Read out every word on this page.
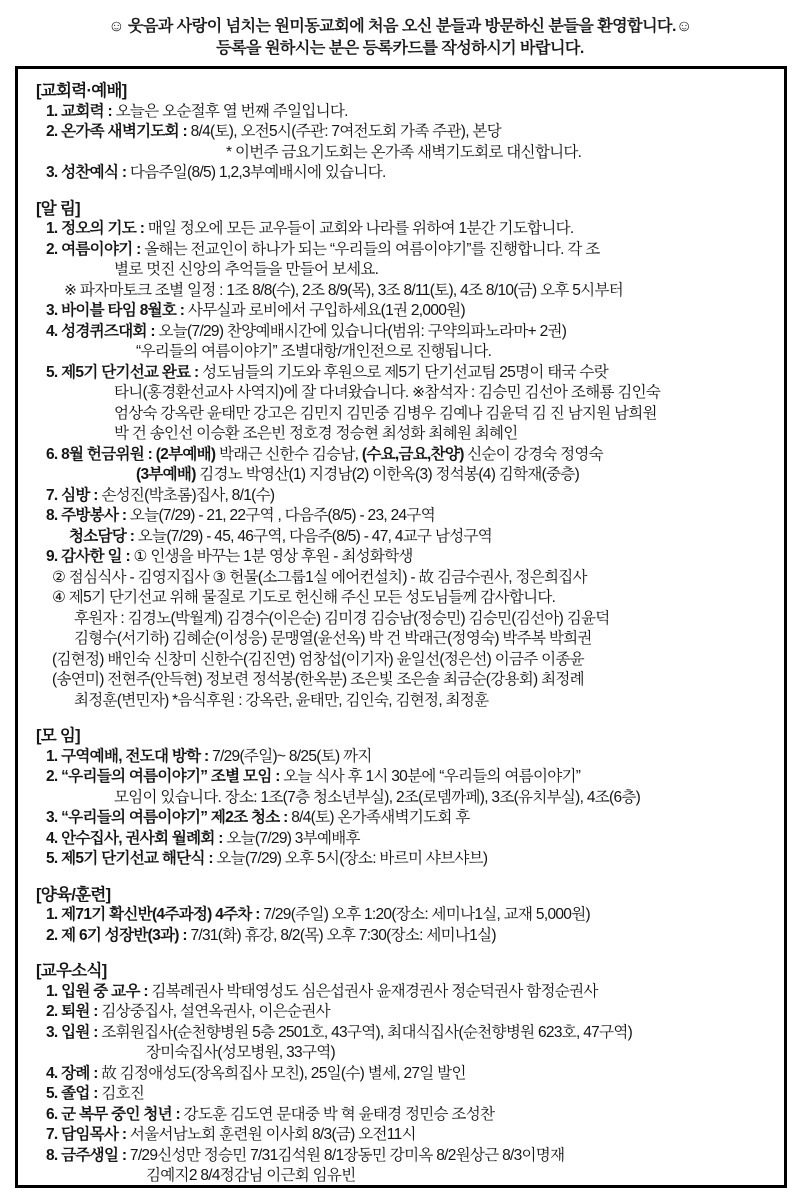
☺ 웃음과 사랑이 넘치는 원미동교회에 처음 오신 분들과 방문하신 분들을 환영합니다.☺
등록을 원하시는 분은 등록카드를 작성하시기 바랍니다.
[교회력·예배]
1. 교회력 : 오늘은 오순절후 열 번째 주일입니다.
2. 온가족 새벽기도회 : 8/4(토), 오전5시(주관: 7여전도회 가족 주관), 본당
* 이번주 금요기도회는 온가족 새벽기도회로 대신합니다.
3. 성찬예식 : 다음주일(8/5) 1,2,3부예배시에 있습니다.
[알 림]
1. 정오의 기도 : 매일 정오에 모든 교우들이 교회와 나라를 위하여 1분간 기도합니다.
2. 여름이야기 : 올해는 전교인이 하나가 되는 “우리들의 여름이야기”를 진행합니다. 각 조
별로 멋진 신앙의 추억들을 만들어 보세요.
※ 파자마토크 조별 일정 : 1조 8/8(수), 2조 8/9(목), 3조 8/11(토), 4조 8/10(금) 오후 5시부터
3. 바이블 타임 8월호 : 사무실과 로비에서 구입하세요(1권 2,000원)
4. 성경퀴즈대회 : 오늘(7/29) 찬양예배시간에 있습니다(범위: 구약의파노라마+ 2권)
“우리들의 여름이야기” 조별대항/개인전으로 진행됩니다.
5. 제5기 단기선교 완료 : 성도님들의 기도와 후원으로 제5기 단기선교팀 25명이 태국 수랏
타니(홍경환선교사 사역지)에 잘 다녀왔습니다. ※참석자 : 김승민 김선아 조해룡 김인숙
엄상숙 강옥란 윤태만 강고은 김민지 김민중 김병우 김예나 김윤덕 김 진 남지원 남희원
박 건 송인선 이승환 조은빈 정호경 정승현 최성화 최혜원 최혜인
6. 8월 헌금위원 : (2부예배) 박래근 신한수 김승남, (수요,금요,찬양) 신순이 강경숙 정영숙
(3부예배) 김경노 박영산(1) 지경남(2) 이한옥(3) 정석봉(4) 김학재(중층)
7. 심방 : 손성진(박초롬)집사, 8/1(수)
8. 주방봉사 : 오늘(7/29) - 21, 22구역 , 다음주(8/5) - 23, 24구역
청소담당 : 오늘(7/29) - 45, 46구역, 다음주(8/5) - 47, 4교구 남성구역
9. 감사한 일 : ① 인생을 바꾸는 1분 영상 후원 - 최성화학생
② 점심식사 - 김영지집사 ③ 헌물(소그룹1실 에어컨설치) - 故 김금수권사, 정은희집사
④ 제5기 단기선교 위해 물질로 기도로 헌신해 주신 모든 성도님들께 감사합니다.
후원자 : 김경노(박월계) 김경수(이은순) 김미경 김승남(정승민) 김승민(김선아) 김윤덕
김형수(서기하) 김혜순(이성응) 문맹열(윤선옥) 박 건 박래근(정영숙) 박주복 박희권
(김현정) 배인숙 신창미 신한수(김진연) 엄창섭(이기자) 윤일선(정은선) 이금주 이종윤
(송연미) 전현주(안득현) 정보련 정석봉(한옥분) 조은빛 조은솔 최금순(강용회) 최정례
최정훈(변민자) *음식후원 : 강옥란, 윤태만, 김인숙, 김현정, 최정훈
[모 임]
1. 구역예배, 전도대 방학 : 7/29(주일)~ 8/25(토) 까지
2. “우리들의 여름이야기” 조별 모임 : 오늘 식사 후 1시 30분에 “우리들의 여름이야기”
모임이 있습니다. 장소: 1조(7층 청소년부실), 2조(로뎀까페), 3조(유치부실), 4조(6층)
3. “우리들의 여름이야기” 제2조 청소 : 8/4(토) 온가족새벽기도회 후
4. 안수집사, 권사회 월례회 : 오늘(7/29) 3부예배후
5. 제5기 단기선교 해단식 : 오늘(7/29) 오후 5시(장소: 바르미 샤브샤브)
[양육/훈련]
1. 제71기 확신반(4주과정) 4주차 : 7/29(주일) 오후 1:20(장소: 세미나1실, 교재 5,000원)
2. 제 6기 성장반(3과) : 7/31(화) 휴강, 8/2(목) 오후 7:30(장소: 세미나1실)
[교우소식]
1. 입원 중 교우 : 김복례권사 박태영성도 심은섭권사 윤재경권사 정순덕권사 함정순권사
2. 퇴원 : 김상중집사, 설연옥권사, 이은순권사
3. 입원 : 조휘원집사(순천향병원 5층 2501호, 43구역), 최대식집사(순천향병원 623호, 47구역)
장미숙집사(성모병원, 33구역)
4. 장례 : 故 김정애성도(장옥희집사 모친), 25일(수) 별세, 27일 발인
5. 졸업 : 김호진
6. 군 복무 중인 청년 : 강도훈 김도연 문대중 박 혁 윤태경 정민승 조성찬
7. 담임목사 : 서울서남노회 훈련원 이사회 8/3(금) 오전11시
8. 금주생일 : 7/29신성만 정승민 7/31김석원 8/1장동민 강미옥 8/2원상근 8/3이명재
김예지2 8/4정감님 이근회 임유빈
